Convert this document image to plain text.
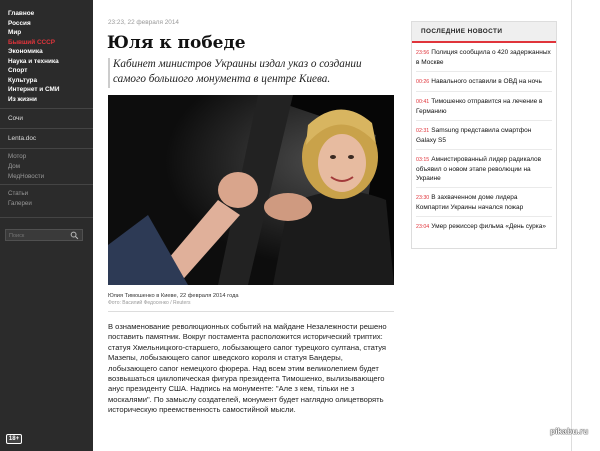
Главное
Россия
Мир
Бывший СССР
Экономика
Наука и техника
Спорт
Культура
Интернет и СМИ
Из жизни
Сочи
Lenta.doc
Мотор
Дом
МедНовости
Статьи
Галереи
Поиск
18+
23:23, 22 февраля 2014
Юля к победе

Кабинет министров Украины издал указ о создании самого большого монумента в центре Киева.

Юлия Тимошенко в Киеве, 22 февраля 2014 года
Фото: Василий Федосенко / Reuters

В ознаменование революционных событий на майдане Незалежности решено поставить памятник. Вокруг постамента расположится исторический триптих: статуя Хмельницкого-старшего, лобызающего сапог турецкого султана, статуя Мазепы, лобызающего сапог шведского короля и статуя Бандеры, лобызающего сапог немецкого фюрера. Над всем этим великолепием будет возвышаться циклопическая фигура президента Тимошенко, вылизывающего анус президенту США. Надпись на монументе: "Але з кем, тільки не з москалями". По замыслу создателей, монумент будет наглядно олицетворять историческую преемственность самостийной мысли.

ПОСЛЕДНИЕ НОВОСТИ
23:56 Полиция сообщила о 420 задержанных в Москве
00:26 Навального оставили в ОВД на ночь
00:41 Тимошенко отправится на лечение в Германию
02:31 Samsung представила смартфон Galaxy S5
03:15 Амнистированный лидер радикалов объявил о новом этапе революции на Украине
23:30 В захваченном доме лидера Компартии Украины начался пожар
23:04 Умер режиссер фильма «День сурка»
pikabu.ru
